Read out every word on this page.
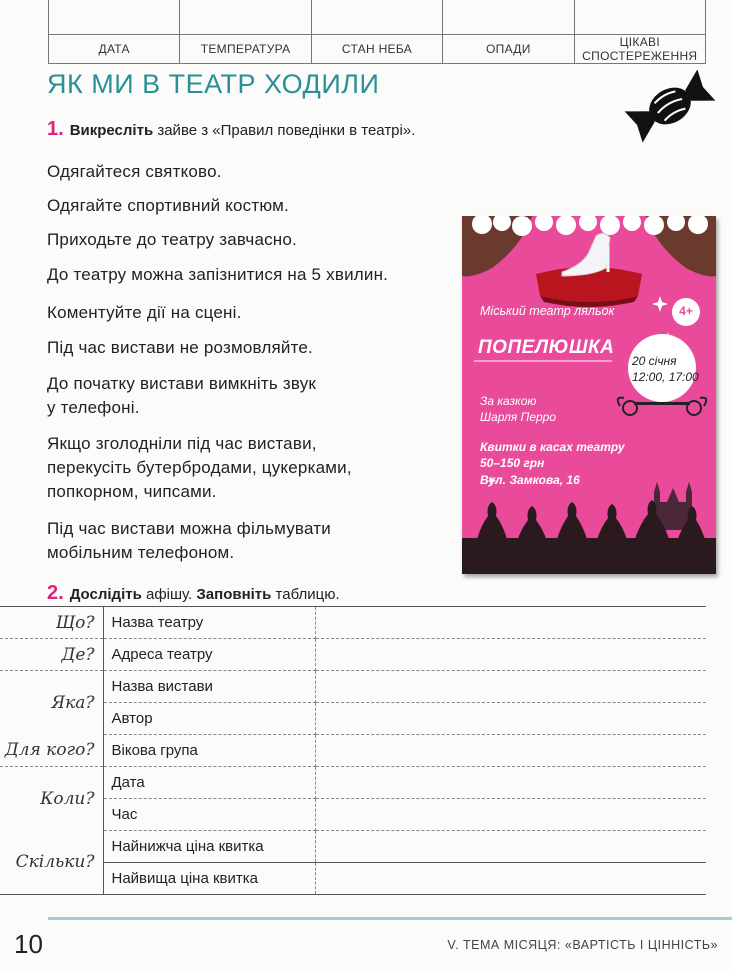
ДАТА	ТЕМПЕРАТУРА	СТАН НЕБА	ОПАДИ	ЦІКАВІ СПОСТЕРЕЖЕННЯ
ЯК МИ В ТЕАТР ХОДИЛИ
1. Викресліть зайве з «Правил поведінки в театрі».
Одягайтеся святково.
Одягайте спортивний костюм.
Приходьте до театру завчасно.
До театру можна запізнитися на 5 хвилин.
Коментуйте дії на сцені.
Під час вистави не розмовляйте.
До початку вистави вимкніть звук
у телефоні.
Якщо зголодніли під час вистави,
перекусіть бутербродами, цукерками,
попкорном, чипсами.
Під час вистави можна фільмувати
мобільним телефоном.
Міський театр ляльок	4+
ПОПЕЛЮШКА
20 січня
12:00, 17:00
За казкою
Шарля Перро
Квитки в касах театру
50–150 грн
Вул. Замкова, 16
2. Дослідіть афішу. Заповніть таблицю.
Що?	Назва театру	
Де?	Адреса театру	
Яка?	Назва вистави	
	Автор	
Для кого?	Вікова група	
Коли?	Дата	
	Час	
Скільки?	Найнижча ціна квитка	
	Найвища ціна квитка	
10	V. ТЕМА МІСЯЦЯ: «ВАРТІСТЬ І ЦІННІСТЬ»
